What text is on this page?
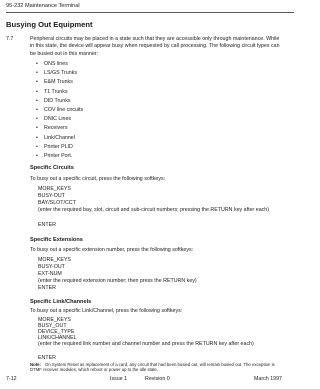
95-232 Maintenance Terminal
Busying Out Equipment
7.7	Peripheral circuits may be placed in a state such that they are accessible only through maintenance. While in this state, the device will appear busy when requested by call processing. The following circuit types can be busied out in this manner:
• ONS lines
• LS/GS Trunks
• E&M Trunks
• T1 Trunks
• DID Trunks
• COV line circuits
• DNIC Lines
• Receivers
• Link/Channel
• Printer PLID
• Printer Port.
Specific Circuits
To busy out a specific circuit, press the following softkeys:
MORE_KEYS
BUSY-OUT
BAY/SLOT/CCT
(enter the required bay, slot, circuit and sub-circuit numbers; pressing the RETURN key after each)
ENTER
Specific Extensions
To busy out a specific extension number, press the following softkeys:
MORE_KEYS
BUSY-OUT
EXT-NUM
(enter the required extension number; then press the RETURN key)
ENTER
Specific Link/Channels
To busy out a specific Link/Channel, press the following softkeys:
MORE_KEYS
BUSY_OUT
DEVICE_TYPE
LINK/CHANNEL
(enter the required link number and channel number and press the RETURN key after each)
ENTER
Note: On System Reset as replacement of a card, any circuit that had been busied out, will remain busied out. The exception is DTMF receiver modules, which reboot or power up to the idle state.
7-12	Issue 1	Revision 0	March 1997
